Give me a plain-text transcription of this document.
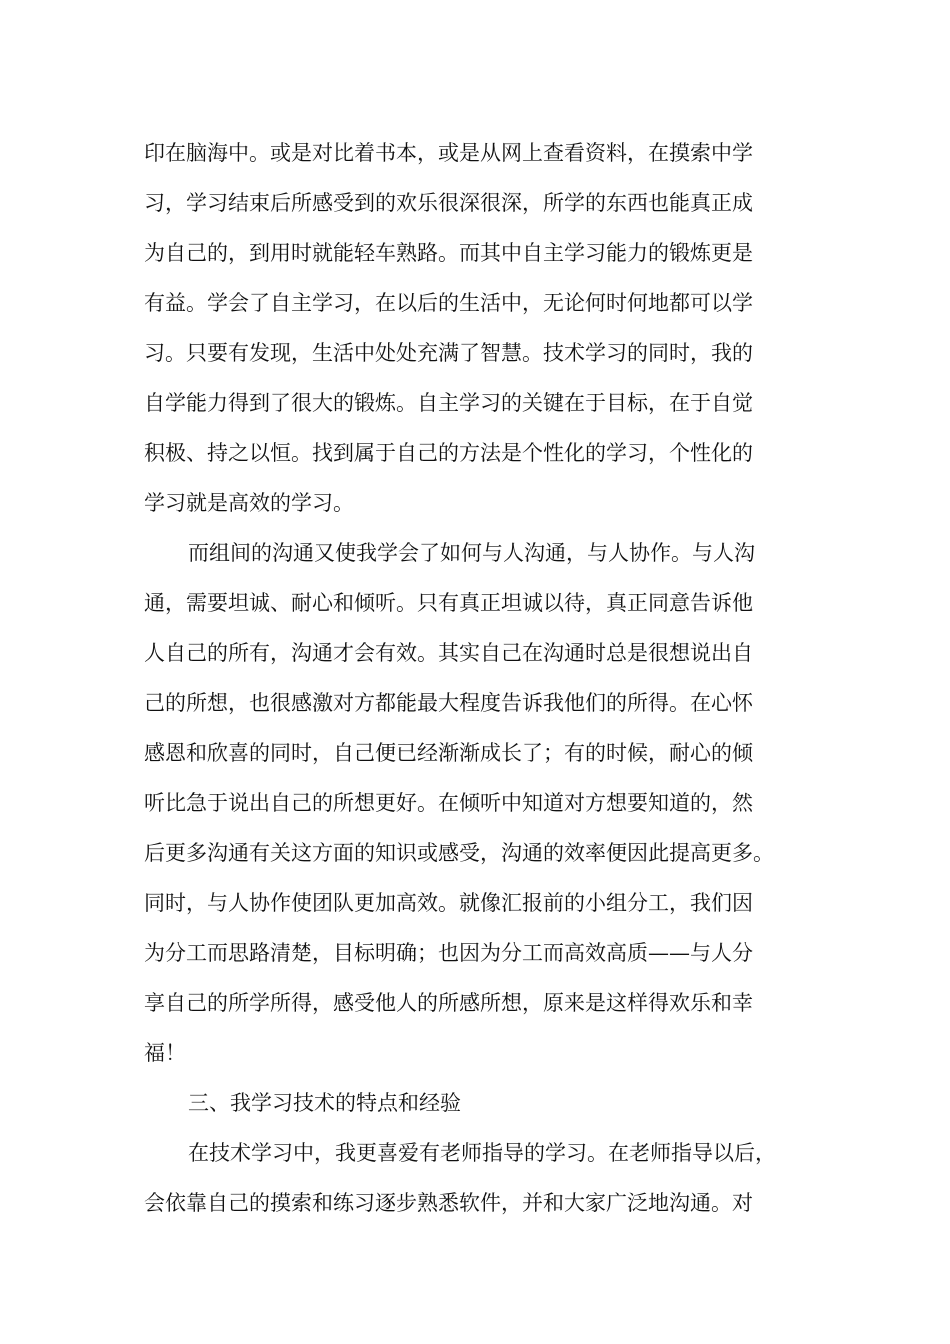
印在脑海中。或是对比着书本，或是从网上查看资料，在摸索中学
习，学习结束后所感受到的欢乐很深很深，所学的东西也能真正成
为自己的，到用时就能轻车熟路。而其中自主学习能力的锻炼更是
有益。学会了自主学习，在以后的生活中，无论何时何地都可以学
习。只要有发现，生活中处处充满了智慧。技术学习的同时，我的
自学能力得到了很大的锻炼。自主学习的关键在于目标，在于自觉
积极、持之以恒。找到属于自己的方法是个性化的学习，个性化的
学习就是高效的学习。
而组间的沟通又使我学会了如何与人沟通，与人协作。与人沟
通，需要坦诚、耐心和倾听。只有真正坦诚以待，真正同意告诉他
人自己的所有，沟通才会有效。其实自己在沟通时总是很想说出自
己的所想，也很感激对方都能最大程度告诉我他们的所得。在心怀
感恩和欣喜的同时，自己便已经渐渐成长了；有的时候，耐心的倾
听比急于说出自己的所想更好。在倾听中知道对方想要知道的，然
后更多沟通有关这方面的知识或感受，沟通的效率便因此提高更多。
同时，与人协作使团队更加高效。就像汇报前的小组分工，我们因
为分工而思路清楚，目标明确；也因为分工而高效高质——与人分
享自己的所学所得，感受他人的所感所想，原来是这样得欢乐和幸
福！
三、我学习技术的特点和经验
在技术学习中，我更喜爱有老师指导的学习。在老师指导以后，
会依靠自己的摸索和练习逐步熟悉软件，并和大家广泛地沟通。对
